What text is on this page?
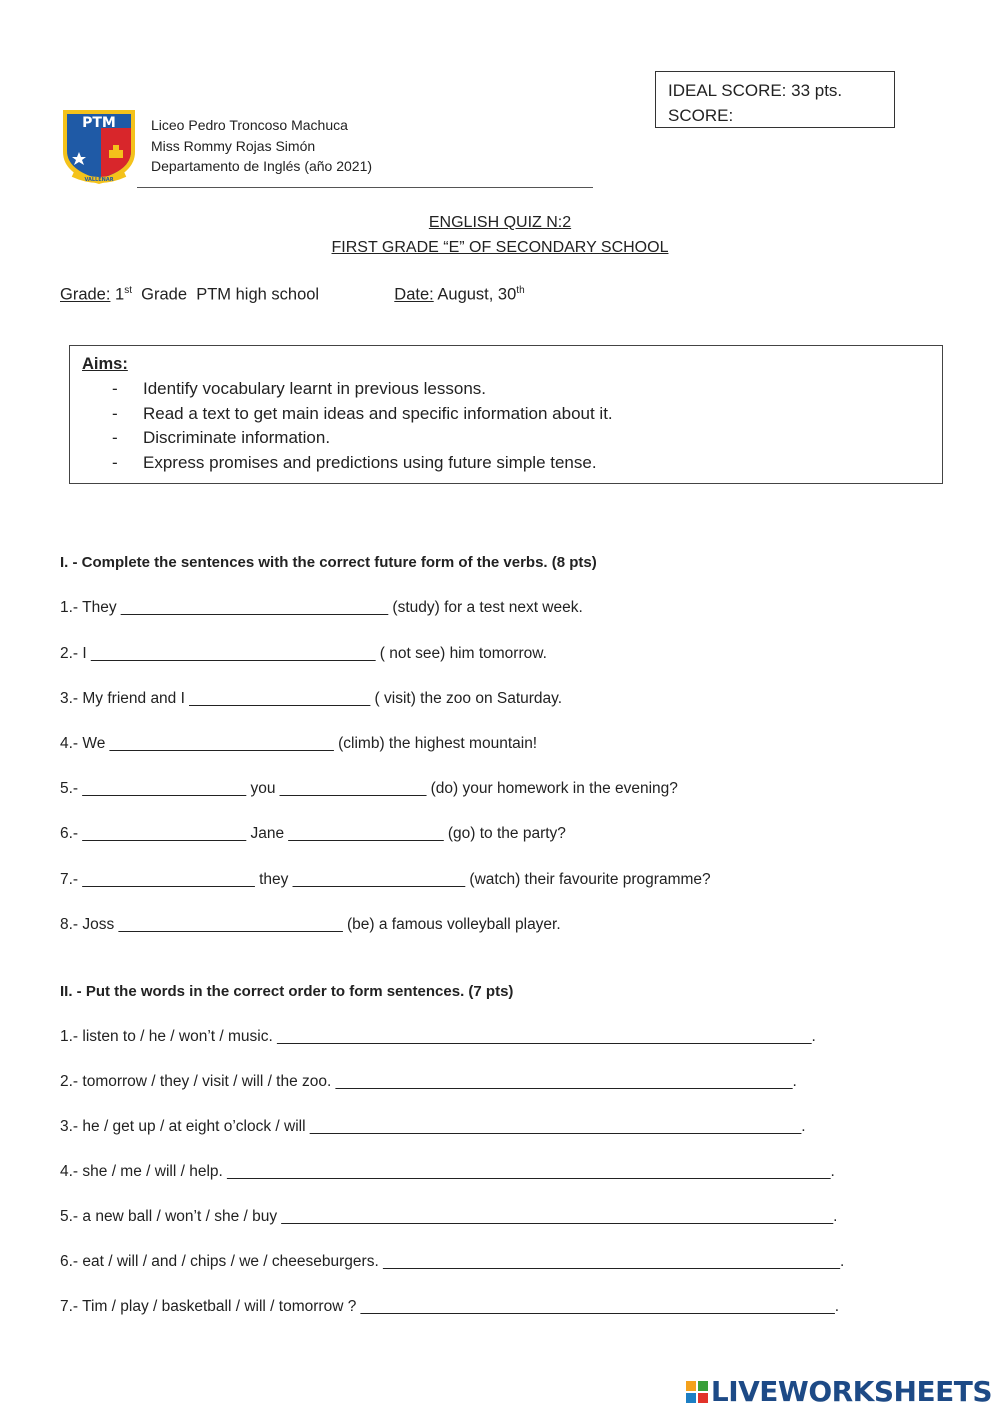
IDEAL SCORE: 33 pts.
SCORE:
PTM
VALLENAR
Liceo Pedro Troncoso Machuca
Miss Rommy Rojas Simón
Departamento de Inglés (año 2021)
ENGLISH QUIZ N:2
FIRST GRADE “E” OF SECONDARY SCHOOL
Grade: 1st  Grade  PTM high school	Date: August, 30th
Aims:
- Identify vocabulary learnt in previous lessons.
- Read a text to get main ideas and specific information about it.
- Discriminate information.
- Express promises and predictions using future simple tense.
I. - Complete the sentences with the correct future form of the verbs. (8 pts)
1.- They _______________________________ (study) for a test next week.
2.- I _________________________________ ( not see) him tomorrow.
3.- My friend and I _____________________ ( visit) the zoo on Saturday.
4.- We __________________________ (climb) the highest mountain!
5.- ___________________ you _________________ (do) your homework in the evening?
6.- ___________________ Jane __________________ (go) to the party?
7.- ____________________ they ____________________ (watch) their favourite programme?
8.- Joss __________________________ (be) a famous volleyball player.
II. - Put the words in the correct order to form sentences. (7 pts)
1.- listen to / he / won’t / music. ______________________________________________________________.
2.- tomorrow / they / visit / will / the zoo. _____________________________________________________.
3.- he / get up / at eight o’clock / will _________________________________________________________.
4.- she / me / will / help. ______________________________________________________________________.
5.- a new ball / won’t / she / buy ________________________________________________________________.
6.- eat / will / and / chips / we / cheeseburgers. _____________________________________________________.
7.- Tim / play / basketball / will / tomorrow ? _______________________________________________________.
LIVEWORKSHEETS
